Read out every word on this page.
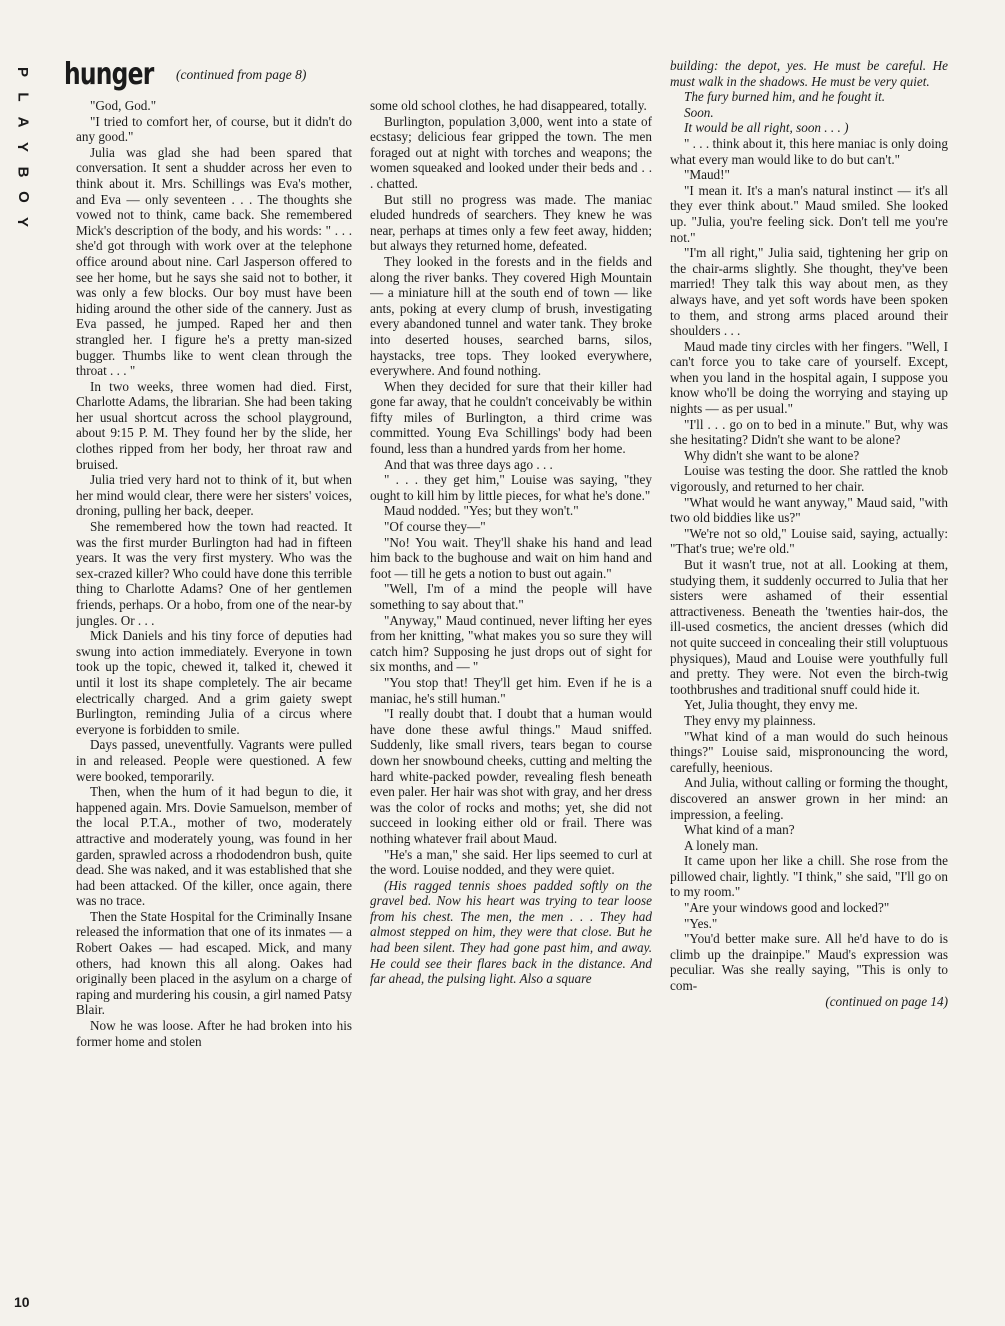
P
L
A
Y
B
O
Y
hunger (continued from page 8)

"God, God."

"I tried to comfort her, of course, but it didn't do any good."

Julia was glad she had been spared that conversation. It sent a shudder across her even to think about it. Mrs. Schillings was Eva's mother, and Eva — only seventeen . . . The thoughts she vowed not to think, came back. She remembered Mick's description of the body, and his words: " . . . she'd got through with work over at the telephone office around about nine. Carl Jasperson offered to see her home, but he says she said not to bother, it was only a few blocks. Our boy must have been hiding around the other side of the cannery. Just as Eva passed, he jumped. Raped her and then strangled her. I figure he's a pretty man-sized bugger. Thumbs like to went clean through the throat . . . "

In two weeks, three women had died. First, Charlotte Adams, the librarian. She had been taking her usual shortcut across the school playground, about 9:15 P. M. They found her by the slide, her clothes ripped from her body, her throat raw and bruised.

Julia tried very hard not to think of it, but when her mind would clear, there were her sisters' voices, droning, pulling her back, deeper.

She remembered how the town had reacted. It was the first murder Burlington had had in fifteen years. It was the very first mystery. Who was the sex-crazed killer? Who could have done this terrible thing to Charlotte Adams? One of her gentlemen friends, perhaps. Or a hobo, from one of the near-by jungles. Or . . .

Mick Daniels and his tiny force of deputies had swung into action immediately. Everyone in town took up the topic, chewed it, talked it, chewed it until it lost its shape completely. The air became electrically charged. And a grim gaiety swept Burlington, reminding Julia of a circus where everyone is forbidden to smile.

Days passed, uneventfully. Vagrants were pulled in and released. People were questioned. A few were booked, temporarily.

Then, when the hum of it had begun to die, it happened again. Mrs. Dovie Samuelson, member of the local P.T.A., mother of two, moderately attractive and moderately young, was found in her garden, sprawled across a rhododendron bush, quite dead. She was naked, and it was established that she had been attacked. Of the killer, once again, there was no trace.

Then the State Hospital for the Criminally Insane released the information that one of its inmates — a Robert Oakes — had escaped. Mick, and many others, had known this all along. Oakes had originally been placed in the asylum on a charge of raping and murdering his cousin, a girl named Patsy Blair.

Now he was loose. After he had broken into his former home and stolen

some old school clothes, he had disappeared, totally.

Burlington, population 3,000, went into a state of ecstasy; delicious fear gripped the town. The men foraged out at night with torches and weapons; the women squeaked and looked under their beds and . . . chatted.

But still no progress was made. The maniac eluded hundreds of searchers. They knew he was near, perhaps at times only a few feet away, hidden; but always they returned home, defeated.

They looked in the forests and in the fields and along the river banks. They covered High Mountain — a miniature hill at the south end of town — like ants, poking at every clump of brush, investigating every abandoned tunnel and water tank. They broke into deserted houses, searched barns, silos, haystacks, tree tops. They looked everywhere, everywhere. And found nothing.

When they decided for sure that their killer had gone far away, that he couldn't conceivably be within fifty miles of Burlington, a third crime was committed. Young Eva Schillings' body had been found, less than a hundred yards from her home.

And that was three days ago . . .

" . . . they get him," Louise was saying, "they ought to kill him by little pieces, for what he's done."

Maud nodded. "Yes; but they won't."

"Of course they—"

"No! You wait. They'll shake his hand and lead him back to the bughouse and wait on him hand and foot — till he gets a notion to bust out again."

"Well, I'm of a mind the people will have something to say about that."

"Anyway," Maud continued, never lifting her eyes from her knitting, "what makes you so sure they will catch him? Supposing he just drops out of sight for six months, and — "

"You stop that! They'll get him. Even if he is a maniac, he's still human."

"I really doubt that. I doubt that a human would have done these awful things." Maud sniffed. Suddenly, like small rivers, tears began to course down her snowbound cheeks, cutting and melting the hard white-packed powder, revealing flesh beneath even paler. Her hair was shot with gray, and her dress was the color of rocks and moths; yet, she did not succeed in looking either old or frail. There was nothing whatever frail about Maud.

"He's a man," she said. Her lips seemed to curl at the word. Louise nodded, and they were quiet.

(His ragged tennis shoes padded softly on the gravel bed. Now his heart was trying to tear loose from his chest. The men, the men . . . They had almost stepped on him, they were that close. But he had been silent. They had gone past him, and away. He could see their flares back in the distance. And far ahead, the pulsing light. Also a square

building: the depot, yes. He must be careful. He must walk in the shadows. He must be very quiet.

The fury burned him, and he fought it.

Soon.

It would be all right, soon . . . )

" . . . think about it, this here maniac is only doing what every man would like to do but can't."

"Maud!"

"I mean it. It's a man's natural instinct — it's all they ever think about." Maud smiled. She looked up. "Julia, you're feeling sick. Don't tell me you're not."

"I'm all right," Julia said, tightening her grip on the chair-arms slightly. She thought, they've been married! They talk this way about men, as they always have, and yet soft words have been spoken to them, and strong arms placed around their shoulders . . .

Maud made tiny circles with her fingers. "Well, I can't force you to take care of yourself. Except, when you land in the hospital again, I suppose you know who'll be doing the worrying and staying up nights — as per usual."

"I'll . . . go on to bed in a minute." But, why was she hesitating? Didn't she want to be alone?

Why didn't she want to be alone?

Louise was testing the door. She rattled the knob vigorously, and returned to her chair.

"What would he want anyway," Maud said, "with two old biddies like us?"

"We're not so old," Louise said, saying, actually: "That's true; we're old."

But it wasn't true, not at all. Looking at them, studying them, it suddenly occurred to Julia that her sisters were ashamed of their essential attractiveness. Beneath the 'twenties hair-dos, the ill-used cosmetics, the ancient dresses (which did not quite succeed in concealing their still voluptuous physiques), Maud and Louise were youthfully full and pretty. They were. Not even the birch-twig toothbrushes and traditional snuff could hide it.

Yet, Julia thought, they envy me.

They envy my plainness.

"What kind of a man would do such heinous things?" Louise said, mispronouncing the word, carefully, heenious.

And Julia, without calling or forming the thought, discovered an answer grown in her mind: an impression, a feeling.

What kind of a man?

A lonely man.

It came upon her like a chill. She rose from the pillowed chair, lightly. "I think," she said, "I'll go on to my room."

"Are your windows good and locked?"

"Yes."

"You'd better make sure. All he'd have to do is climb up the drainpipe." Maud's expression was peculiar. Was she really saying, "This is only to com-

(continued on page 14)

10
